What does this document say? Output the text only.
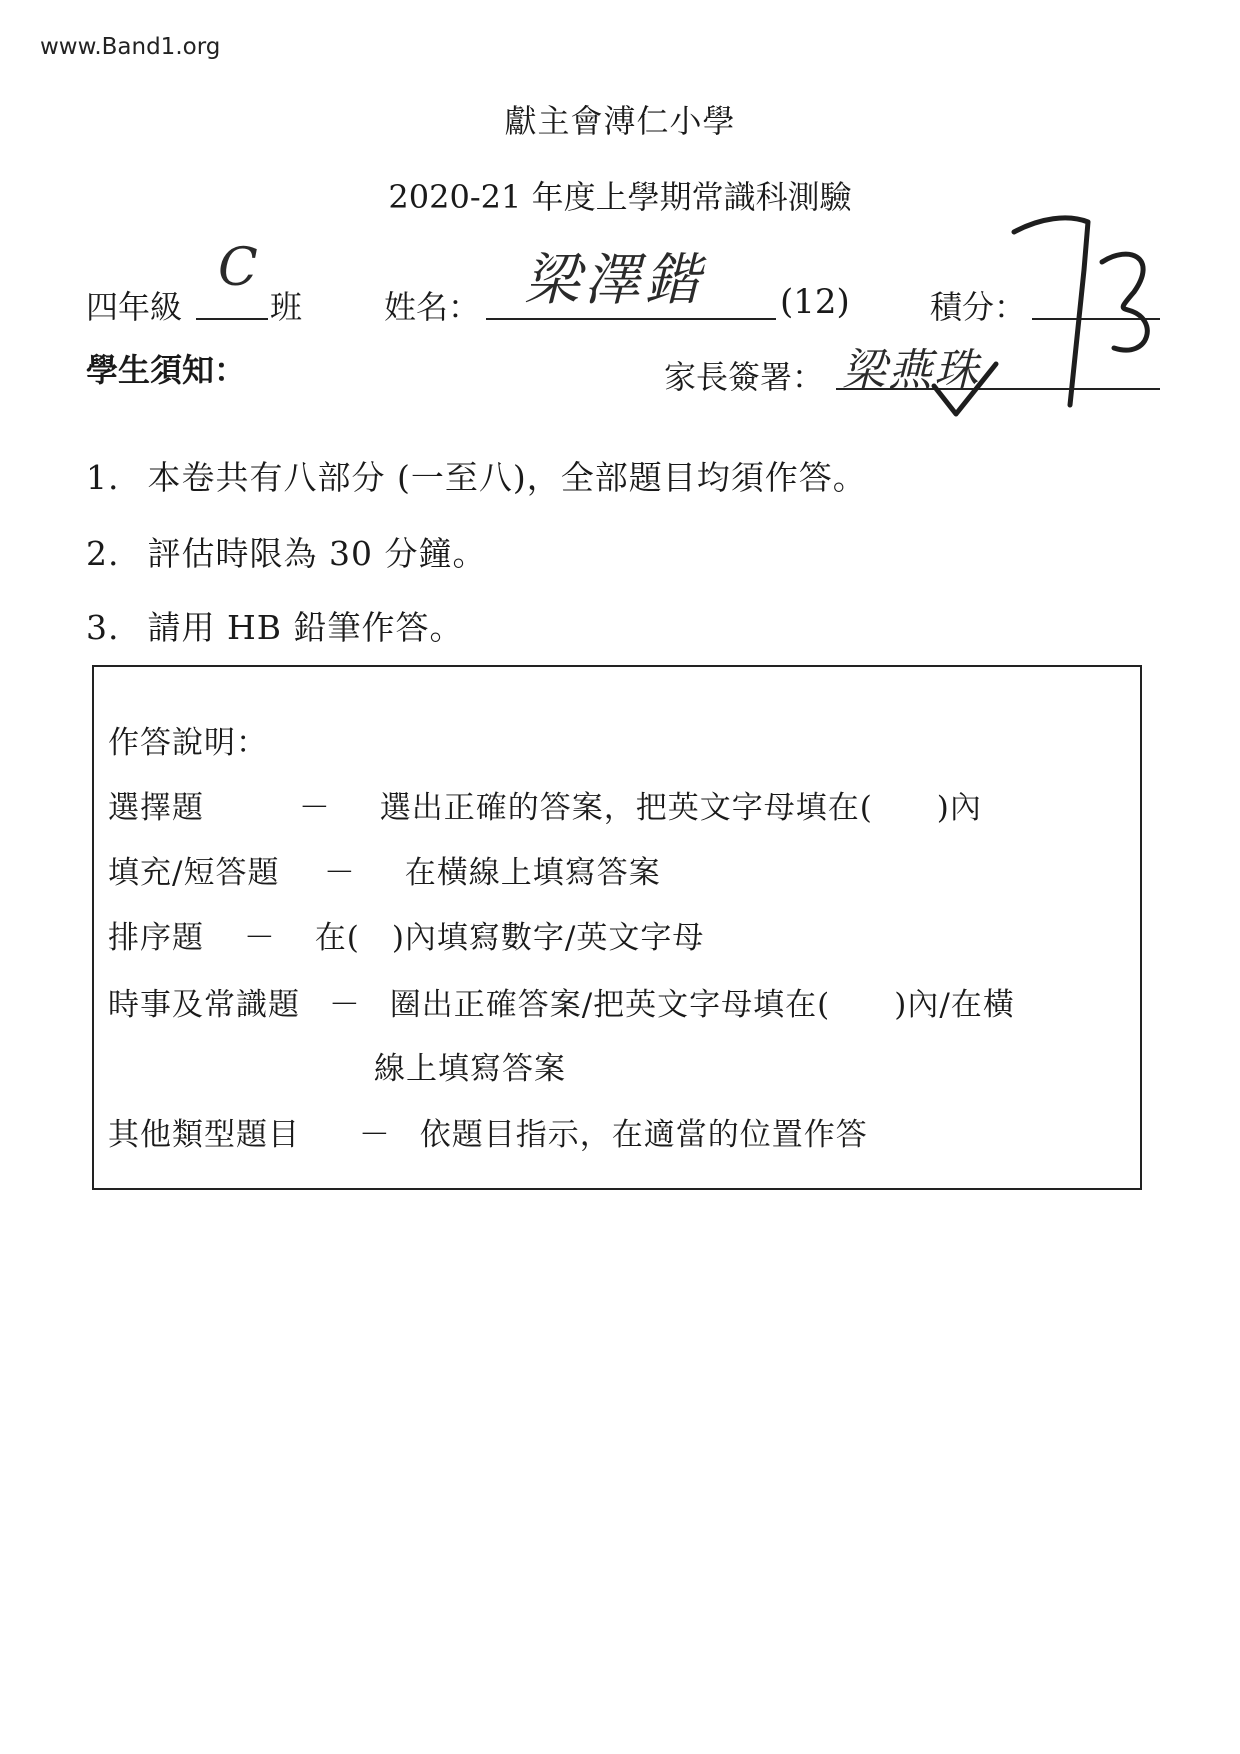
www.Band1.org
獻主會溥仁小學
2020-21 年度上學期常識科測驗
四年級
C
班	姓名： 梁澤鍇 (12)	積分：
學生須知：	家長簽署： 梁燕珠
1. 本卷共有八部分 (一至八)，全部題目均須作答。
2. 評估時限為 30 分鐘。
3. 請用 HB 鉛筆作答。
作答說明：
選擇題	－ 選出正確的答案，把英文字母填在(　　)內
填充/短答題 － 在橫線上填寫答案
排序題 － 在(　)內填寫數字/英文字母
時事及常識題 － 圈出正確答案/把英文字母填在(　　)內/在橫
線上填寫答案
其他類型題目 － 依題目指示，在適當的位置作答
